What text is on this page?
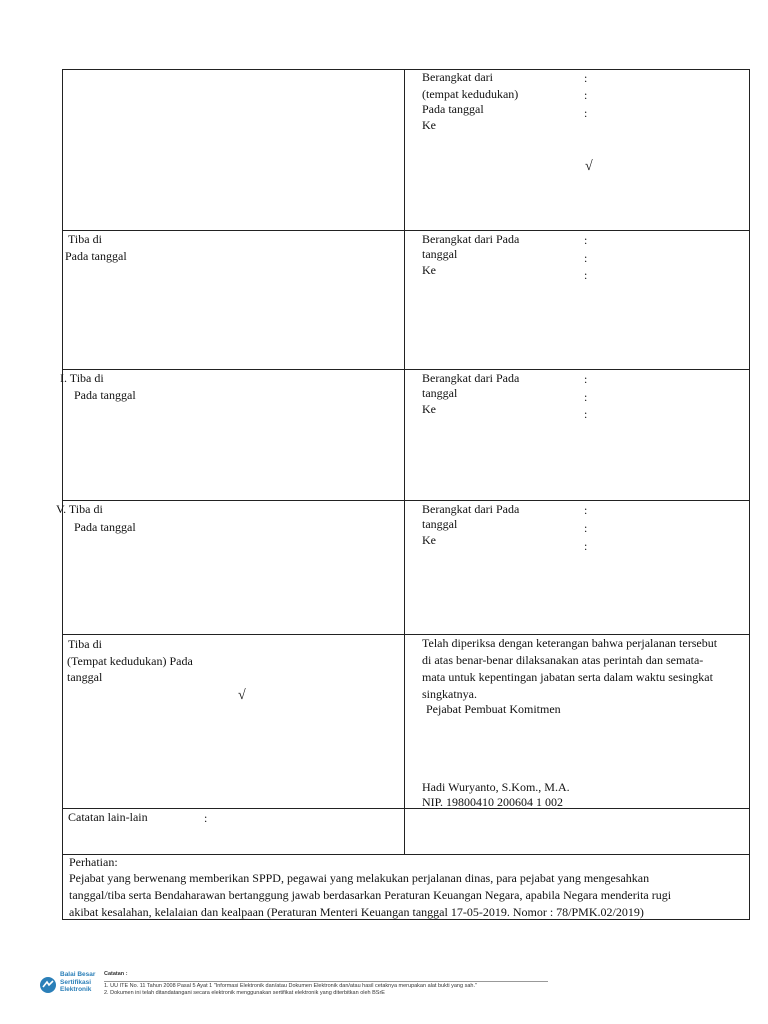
Berangkat dari
(tempat kedudukan)
Pada tanggal
Ke
:
:
:
√
Tiba di
Pada tanggal
Berangkat dari Pada
tanggal
Ke
:
:
:
I. Tiba di
Pada tanggal
Berangkat dari Pada
tanggal
Ke
:
:
:
V. Tiba di
Pada tanggal
Berangkat dari Pada
tanggal
Ke
:
:
:
Tiba di
(Tempat kedudukan) Pada
tanggal
√
Telah diperiksa dengan keterangan bahwa perjalanan tersebut
di atas benar-benar dilaksanakan atas perintah dan semata-
mata untuk kepentingan jabatan serta dalam waktu sesingkat
singkatnya.
Pejabat Pembuat Komitmen
Hadi Wuryanto, S.Kom., M.A.
NIP. 19800410 200604 1 002
Catatan lain-lain	:
Perhatian:
Pejabat yang berwenang memberikan SPPD, pegawai yang melakukan perjalanan dinas, para pejabat yang mengesahkan
tanggal/tiba serta Bendaharawan bertanggung jawab berdasarkan Peraturan Keuangan Negara, apabila Negara menderita rugi
akibat kesalahan, kelalaian dan kealpaan (Peraturan Menteri Keuangan tanggal 17-05-2019. Nomor : 78/PMK.02/2019)
Balai Besar Sertifikasi Elektronik
Catatan :
1. UU ITE No. 11 Tahun 2008 Pasal 5 Ayat 1 "Informasi Elektronik dan/atau Dokumen Elektronik dan/atau hasil cetaknya merupakan alat bukti yang sah."
2. Dokumen ini telah ditandatangani secara elektronik menggunakan sertifikat elektronik yang diterbitkan oleh BSrE
